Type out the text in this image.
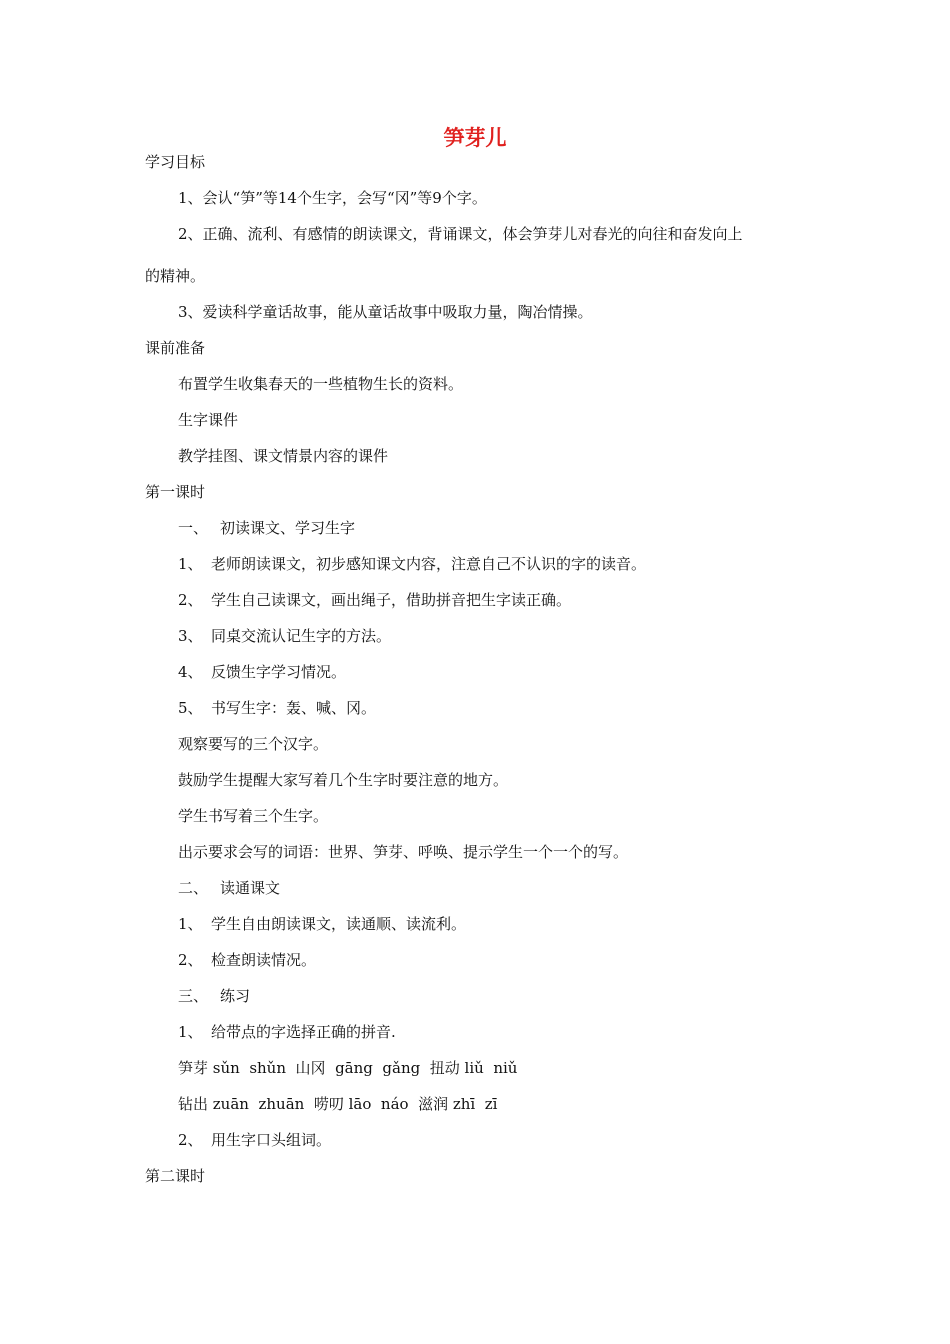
笋芽儿
学习目标
1、会认“笋”等14个生字，会写“冈”等9个字。
2、正确、流利、有感情的朗读课文，背诵课文，体会笋芽儿对春光的向往和奋发向上
的精神。
3、爱读科学童话故事，能从童话故事中吸取力量，陶冶情操。
课前准备
布置学生收集春天的一些植物生长的资料。
生字课件
教学挂图、课文情景内容的课件
第一课时
一、 初读课文、学习生字
1、 老师朗读课文，初步感知课文内容，注意自己不认识的字的读音。
2、 学生自己读课文，画出绳子，借助拼音把生字读正确。
3、 同桌交流认记生字的方法。
4、 反馈生字学习情况。
5、 书写生字：轰、喊、冈。
观察要写的三个汉字。
鼓励学生提醒大家写着几个生字时要注意的地方。
学生书写着三个生字。
出示要求会写的词语：世界、笋芽、呼唤、提示学生一个一个的写。
二、 读通课文
1、 学生自由朗读课文，读通顺、读流利。
2、 检查朗读情况。
三、 练习
1、 给带点的字选择正确的拼音.
笋芽 sǔn  shǔn  山冈  gāng  gǎng  扭动 liǔ  niǔ
钻出 zuān  zhuān  唠叨 lāo  náo  滋润 zhī  zī
2、 用生字口头组词。
第二课时
